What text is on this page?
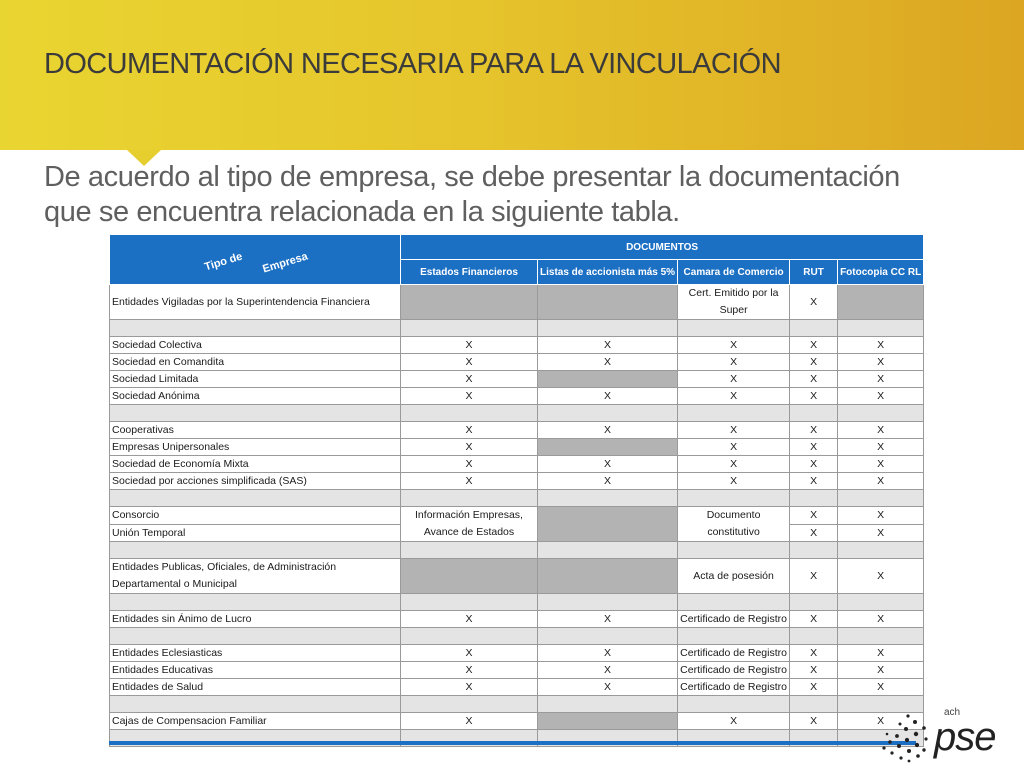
DOCUMENTACIÓN NECESARIA PARA LA VINCULACIÓN
De acuerdo al tipo de empresa, se debe presentar la documentación
que se encuentra relacionada en la siguiente tabla.
Tipo de Empresa	DOCUMENTOS				
	Estados Financieros	Listas de accionista más 5%	Camara de Comercio	RUT	Fotocopia CC RL
Entidades Vigiladas por la Superintendencia Financiera			Cert. Emitido por la Super	X	

Sociedad Colectiva	X	X	X	X	X
Sociedad en Comandita	X	X	X	X	X
Sociedad Limitada	X		X	X	X
Sociedad Anónima	X	X	X	X	X

Cooperativas	X	X	X	X	X
Empresas Unipersonales	X		X	X	X
Sociedad de Economía Mixta	X	X	X	X	X
Sociedad por acciones simplificada (SAS)	X	X	X	X	X

Consorcio	Información Empresas, Avance de Estados		Documento constitutivo	X	X
Unión Temporal				X	X

Entidades Publicas, Oficiales, de Administración Departamental o Municipal			Acta de posesión	X	X

Entidades sin Ánimo de Lucro	X	X	Certificado de Registro	X	X

Entidades Eclesiasticas	X	X	Certificado de Registro	X	X
Entidades Educativas	X	X	Certificado de Registro	X	X
Entidades de Salud	X	X	Certificado de Registro	X	X

Cajas de Compensacion Familiar	X		X	X	X

ach
pse
